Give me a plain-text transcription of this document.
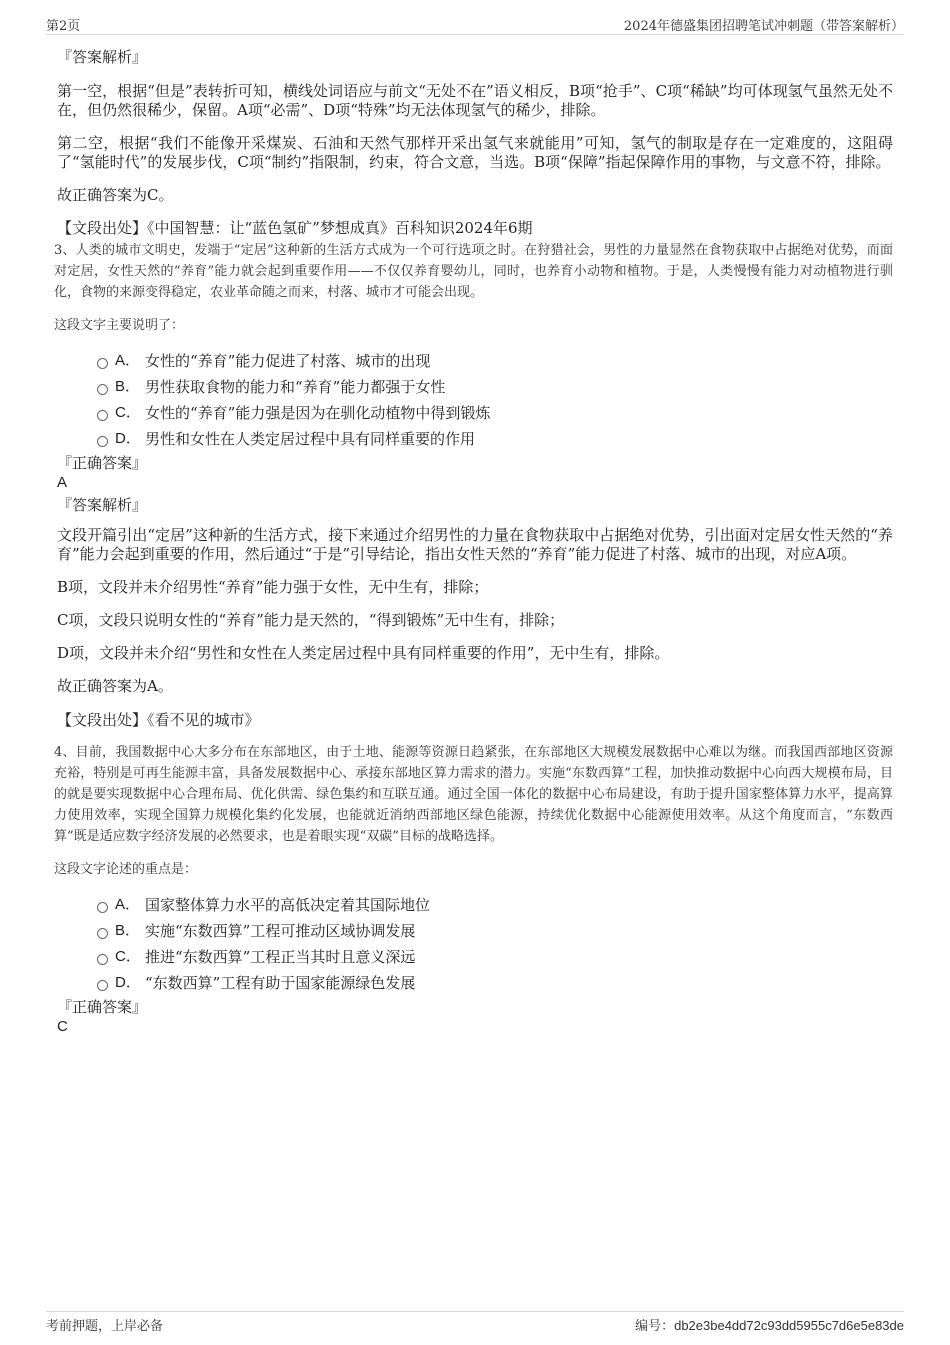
第2页	2024年德盛集团招聘笔试冲刺题（带答案解析）
『答案解析』

第一空，根据“但是”表转折可知，横线处词语应与前文“无处不在”语义相反，B项“抢手”、C项“稀缺”均可体现氢气虽然无处不在，但仍然很稀少，保留。A项“必需”、D项“特殊”均无法体现氢气的稀少，排除。

第二空，根据“我们不能像开采煤炭、石油和天然气那样开采出氢气来就能用”可知，氢气的制取是存在一定难度的，这阻碍了“氢能时代”的发展步伐，C项“制约”指限制，约束，符合文意，当选。B项“保障”指起保障作用的事物，与文意不符，排除。

故正确答案为C。

【文段出处】《中国智慧：让“蓝色氢矿”梦想成真》百科知识2024年6期

3、人类的城市文明史，发端于“定居”这种新的生活方式成为一个可行选项之时。在狩猎社会，男性的力量显然在食物获取中占据绝对优势，而面对定居，女性天然的“养育”能力就会起到重要作用——不仅仅养育婴幼儿，同时，也养育小动物和植物。于是，人类慢慢有能力对动植物进行驯化，食物的来源变得稳定，农业革命随之而来，村落、城市才可能会出现。

这段文字主要说明了：

A． 女性的“养育”能力促进了村落、城市的出现
B． 男性获取食物的能力和“养育”能力都强于女性
C． 女性的“养育”能力强是因为在驯化动植物中得到锻炼
D． 男性和女性在人类定居过程中具有同样重要的作用
『正确答案』
A
『答案解析』

文段开篇引出“定居”这种新的生活方式，接下来通过介绍男性的力量在食物获取中占据绝对优势，引出面对定居女性天然的“养育”能力会起到重要的作用，然后通过“于是”引导结论，指出女性天然的“养育”能力促进了村落、城市的出现，对应A项。

B项，文段并未介绍男性“养育”能力强于女性，无中生有，排除；

C项，文段只说明女性的“养育”能力是天然的，“得到锻炼”无中生有，排除；

D项，文段并未介绍“男性和女性在人类定居过程中具有同样重要的作用”，无中生有，排除。

故正确答案为A。

【文段出处】《看不见的城市》

4、目前，我国数据中心大多分布在东部地区，由于土地、能源等资源日趋紧张，在东部地区大规模发展数据中心难以为继。而我国西部地区资源充裕，特别是可再生能源丰富，具备发展数据中心、承接东部地区算力需求的潜力。实施“东数西算”工程，加快推动数据中心向西大规模布局，目的就是要实现数据中心合理布局、优化供需、绿色集约和互联互通。通过全国一体化的数据中心布局建设，有助于提升国家整体算力水平，提高算力使用效率，实现全国算力规模化集约化发展，也能就近消纳西部地区绿色能源，持续优化数据中心能源使用效率。从这个角度而言，“东数西算”既是适应数字经济发展的必然要求，也是着眼实现“双碳”目标的战略选择。

这段文字论述的重点是：

A． 国家整体算力水平的高低决定着其国际地位
B． 实施“东数西算”工程可推动区域协调发展
C． 推进“东数西算”工程正当其时且意义深远
D． “东数西算”工程有助于国家能源绿色发展
『正确答案』
C
考前押题，上岸必备	编号：db2e3be4dd72c93dd5955c7d6e5e83de
